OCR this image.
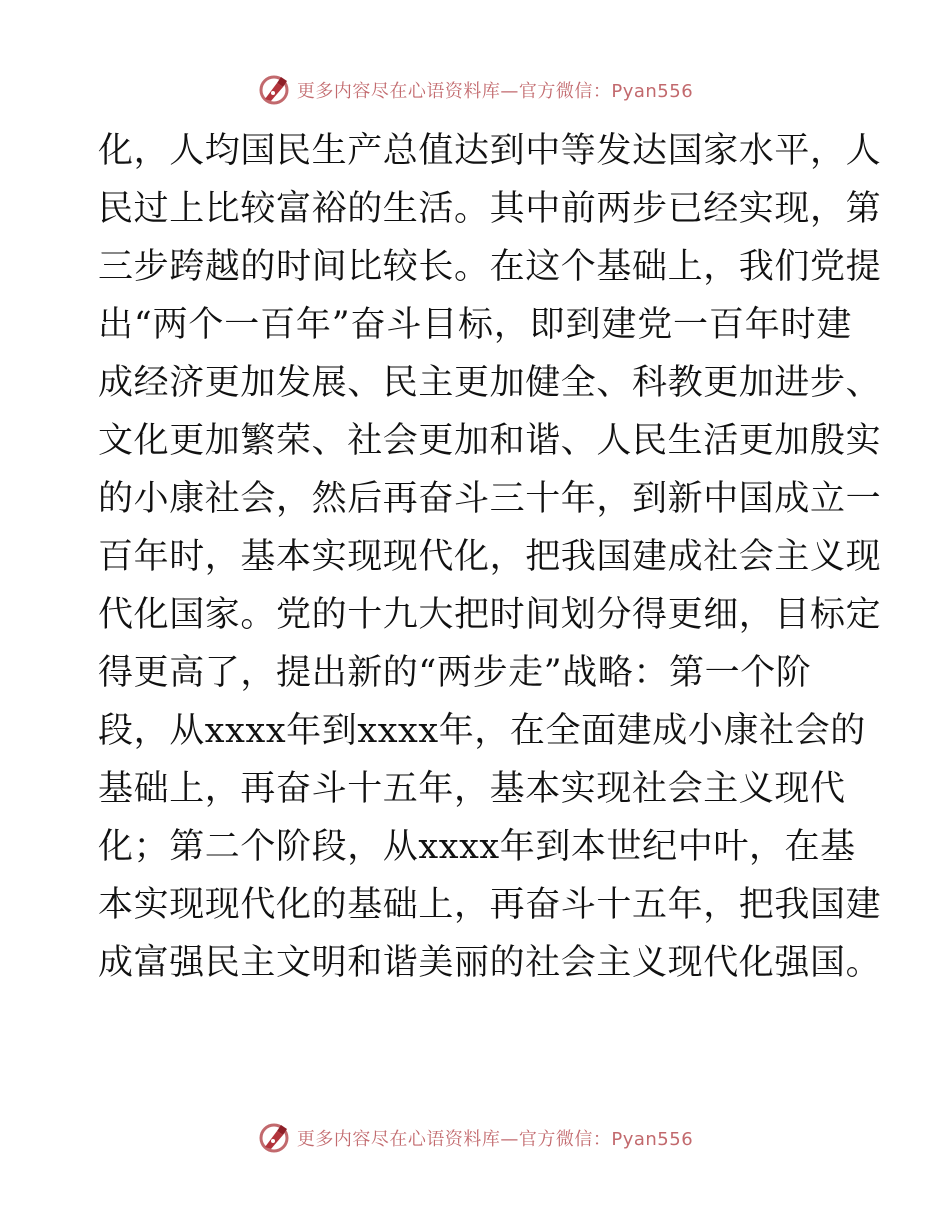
更多内容尽在心语资料库—官方微信：Pyan556
化，人均国民生产总值达到中等发达国家水平，人
民过上比较富裕的生活。其中前两步已经实现，第
三步跨越的时间比较长。在这个基础上，我们党提
出“两个一百年”奋斗目标，即到建党一百年时建
成经济更加发展、民主更加健全、科教更加进步、
文化更加繁荣、社会更加和谐、人民生活更加殷实
的小康社会，然后再奋斗三十年，到新中国成立一
百年时，基本实现现代化，把我国建成社会主义现
代化国家。党的十九大把时间划分得更细，目标定
得更高了，提出新的“两步走”战略：第一个阶
段，从xxxx年到xxxx年，在全面建成小康社会的
基础上，再奋斗十五年，基本实现社会主义现代
化；第二个阶段，从xxxx年到本世纪中叶，在基
本实现现代化的基础上，再奋斗十五年，把我国建
成富强民主文明和谐美丽的社会主义现代化强国。
更多内容尽在心语资料库—官方微信：Pyan556
